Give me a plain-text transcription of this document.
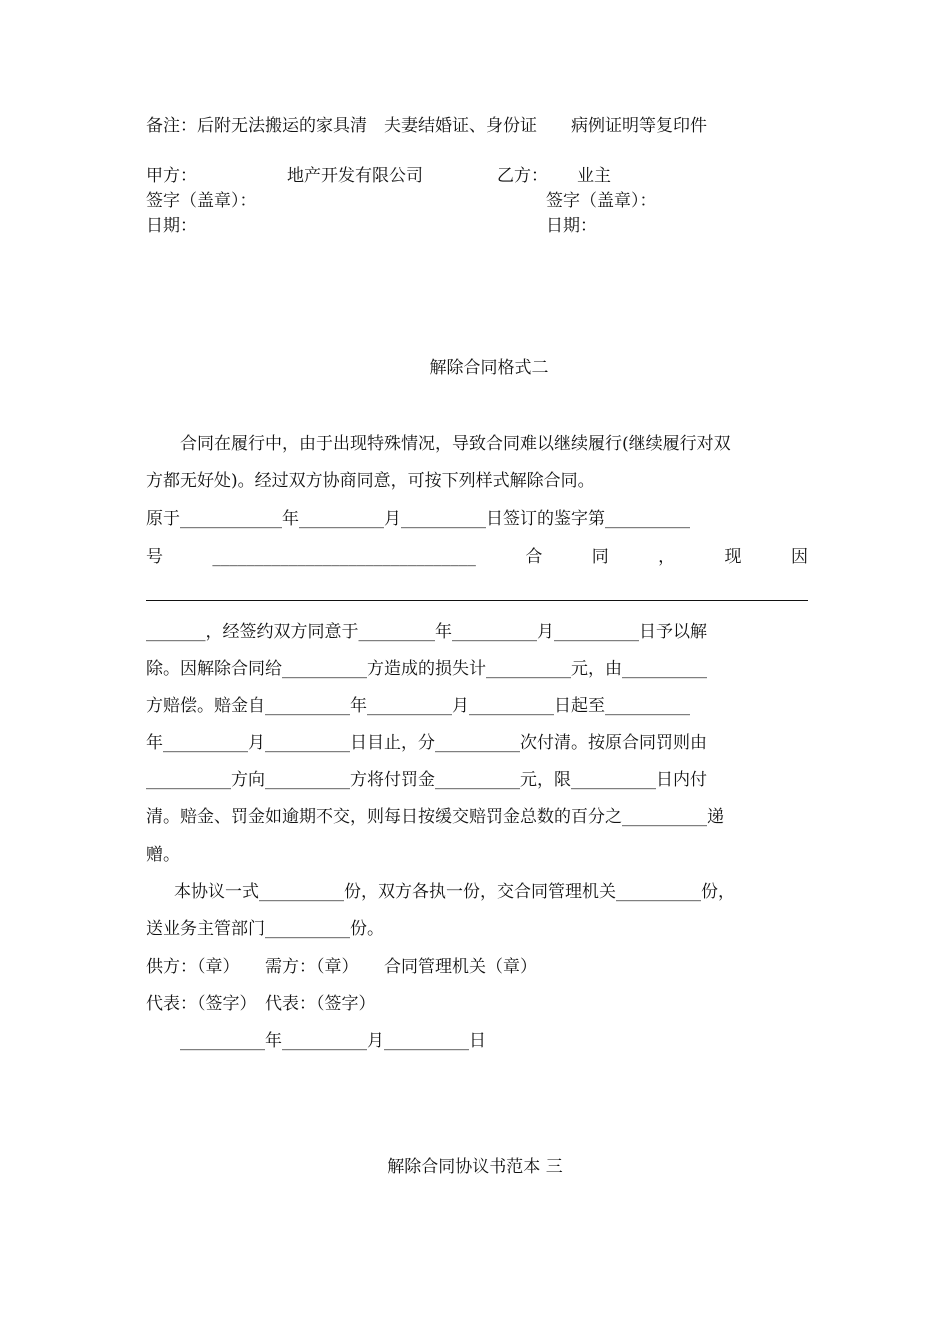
备注：后附无法搬运的家具清　夫妻结婚证、身份证　　病例证明等复印件
甲方：	地产开发有限公司	乙方： 业主
签字（盖章）：	签字（盖章）：
日期：	日期：
解除合同格式二
合同在履行中，由于出现特殊情况，导致合同难以继续履行(继续履行对双
方都无好处)。经过双方协商同意，可按下列样式解除合同。
原于____________年__________月__________日签订的鉴字第__________
号	_______________________________	合	同	，	现	因
_______，经签约双方同意于_________年__________月__________日予以解
除。因解除合同给__________方造成的损失计__________元，由__________
方赔偿。赔金自__________年__________月__________日起至__________
年__________月__________日目止，分__________次付清。按原合同罚则由
__________方向__________方将付罚金__________元，限__________日内付
清。赔金、罚金如逾期不交，则每日按缓交赔罚金总数的百分之__________递
赠。
本协议一式__________份，双方各执一份，交合同管理机关__________份，
送业务主管部门__________份。
供方：（章）　　需方：（章）　　合同管理机关（章）
代表：（签字）　代表：（签字）
__________年__________月__________日
解除合同协议书范本 三
